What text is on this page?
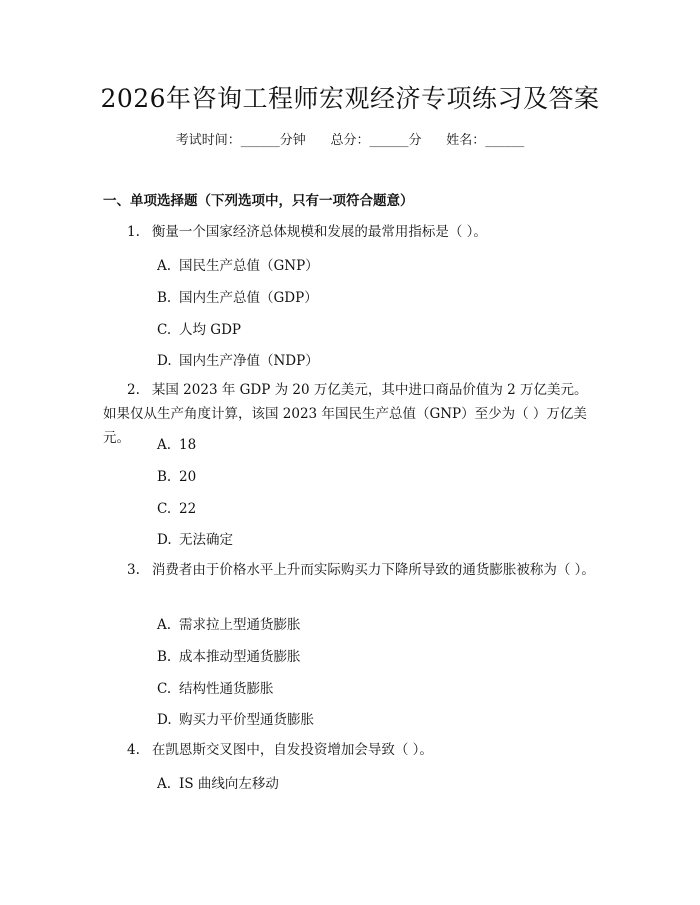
2026年咨询工程师宏观经济专项练习及答案
考试时间：______分钟      总分：______分      姓名：______
一、单项选择题（下列选项中，只有一项符合题意）
1. 衡量一个国家经济总体规模和发展的最常用指标是（ ）。
A. 国民生产总值（GNP）
B. 国内生产总值（GDP）
C. 人均 GDP
D. 国内生产净值（NDP）
2. 某国 2023 年 GDP 为 20 万亿美元，其中进口商品价值为 2 万亿美元。如果仅从生产角度计算，该国 2023 年国民生产总值（GNP）至少为（ ）万亿美元。	A. 18
B. 20
C. 22
D. 无法确定
3. 消费者由于价格水平上升而实际购买力下降所导致的通货膨胀被称为（ ）。
A. 需求拉上型通货膨胀
B. 成本推动型通货膨胀
C. 结构性通货膨胀
D. 购买力平价型通货膨胀
4. 在凯恩斯交叉图中，自发投资增加会导致（ ）。
A. IS 曲线向左移动
